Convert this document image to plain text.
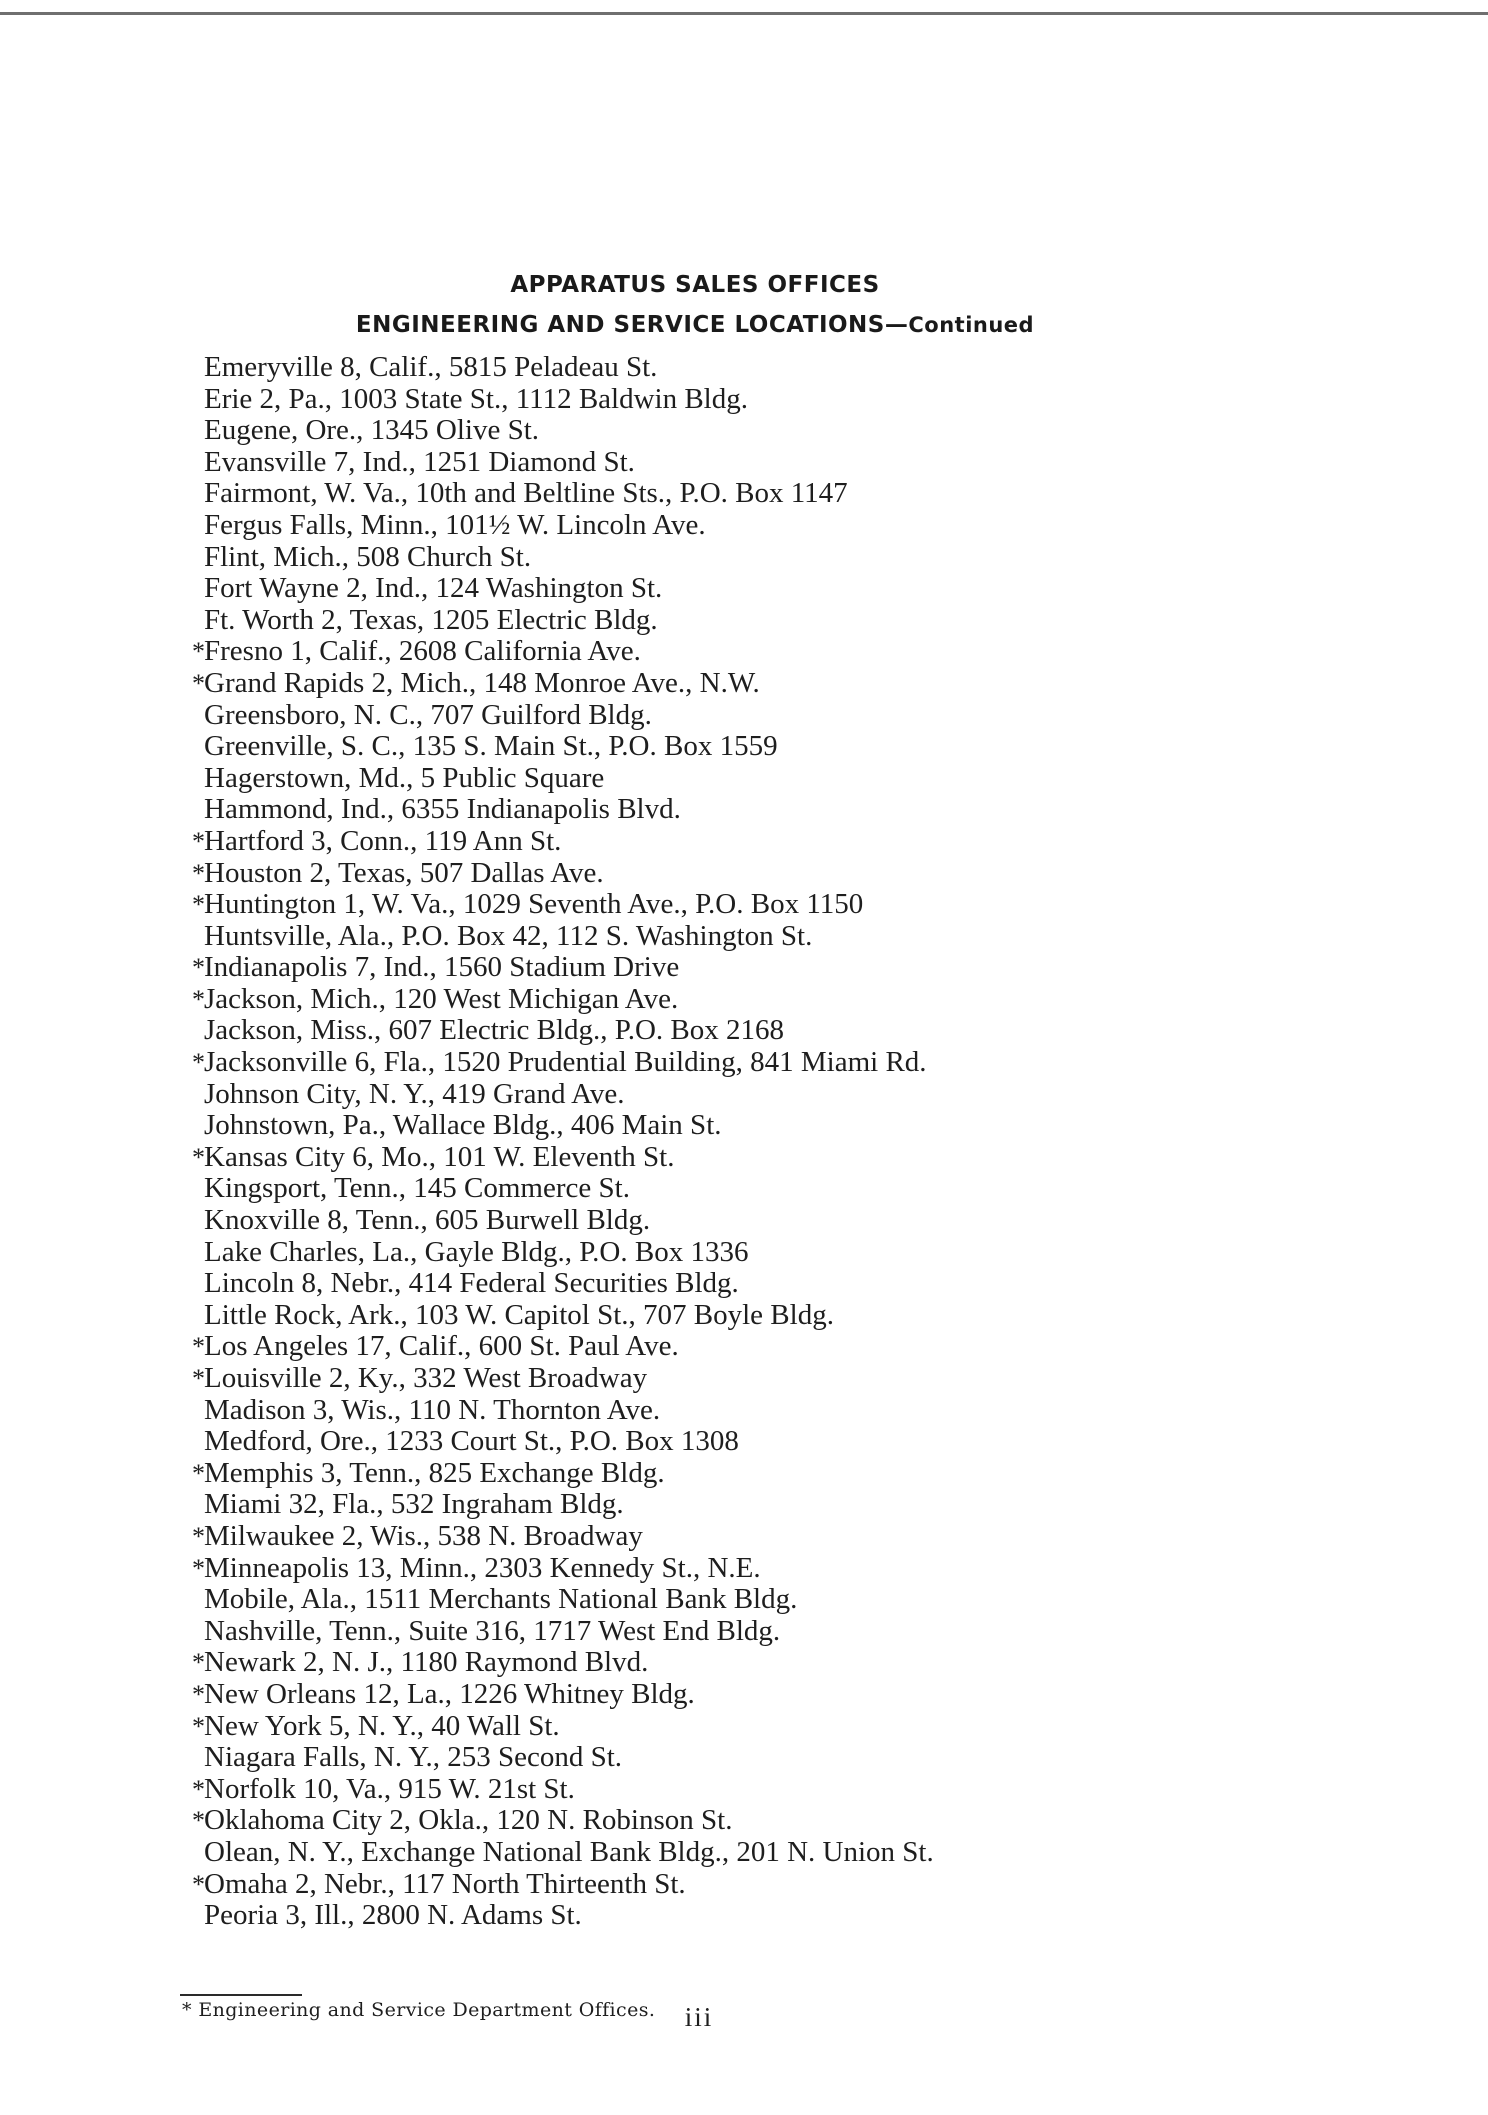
APPARATUS SALES OFFICES
ENGINEERING AND SERVICE LOCATIONS—Continued
Emeryville 8, Calif., 5815 Peladeau St.
Erie 2, Pa., 1003 State St., 1112 Baldwin Bldg.
Eugene, Ore., 1345 Olive St.
Evansville 7, Ind., 1251 Diamond St.
Fairmont, W. Va., 10th and Beltline Sts., P.O. Box 1147
Fergus Falls, Minn., 101½ W. Lincoln Ave.
Flint, Mich., 508 Church St.
Fort Wayne 2, Ind., 124 Washington St.
Ft. Worth 2, Texas, 1205 Electric Bldg.
* Fresno 1, Calif., 2608 California Ave.
* Grand Rapids 2, Mich., 148 Monroe Ave., N.W.
Greensboro, N. C., 707 Guilford Bldg.
Greenville, S. C., 135 S. Main St., P.O. Box 1559
Hagerstown, Md., 5 Public Square
Hammond, Ind., 6355 Indianapolis Blvd.
* Hartford 3, Conn., 119 Ann St.
* Houston 2, Texas, 507 Dallas Ave.
* Huntington 1, W. Va., 1029 Seventh Ave., P.O. Box 1150
Huntsville, Ala., P.O. Box 42, 112 S. Washington St.
* Indianapolis 7, Ind., 1560 Stadium Drive
* Jackson, Mich., 120 West Michigan Ave.
Jackson, Miss., 607 Electric Bldg., P.O. Box 2168
* Jacksonville 6, Fla., 1520 Prudential Building, 841 Miami Rd.
Johnson City, N. Y., 419 Grand Ave.
Johnstown, Pa., Wallace Bldg., 406 Main St.
* Kansas City 6, Mo., 101 W. Eleventh St.
Kingsport, Tenn., 145 Commerce St.
Knoxville 8, Tenn., 605 Burwell Bldg.
Lake Charles, La., Gayle Bldg., P.O. Box 1336
Lincoln 8, Nebr., 414 Federal Securities Bldg.
Little Rock, Ark., 103 W. Capitol St., 707 Boyle Bldg.
* Los Angeles 17, Calif., 600 St. Paul Ave.
* Louisville 2, Ky., 332 West Broadway
Madison 3, Wis., 110 N. Thornton Ave.
Medford, Ore., 1233 Court St., P.O. Box 1308
* Memphis 3, Tenn., 825 Exchange Bldg.
Miami 32, Fla., 532 Ingraham Bldg.
* Milwaukee 2, Wis., 538 N. Broadway
* Minneapolis 13, Minn., 2303 Kennedy St., N.E.
Mobile, Ala., 1511 Merchants National Bank Bldg.
Nashville, Tenn., Suite 316, 1717 West End Bldg.
* Newark 2, N. J., 1180 Raymond Blvd.
* New Orleans 12, La., 1226 Whitney Bldg.
* New York 5, N. Y., 40 Wall St.
Niagara Falls, N. Y., 253 Second St.
* Norfolk 10, Va., 915 W. 21st St.
* Oklahoma City 2, Okla., 120 N. Robinson St.
Olean, N. Y., Exchange National Bank Bldg., 201 N. Union St.
* Omaha 2, Nebr., 117 North Thirteenth St.
Peoria 3, Ill., 2800 N. Adams St.
* Engineering and Service Department Offices.	iii
